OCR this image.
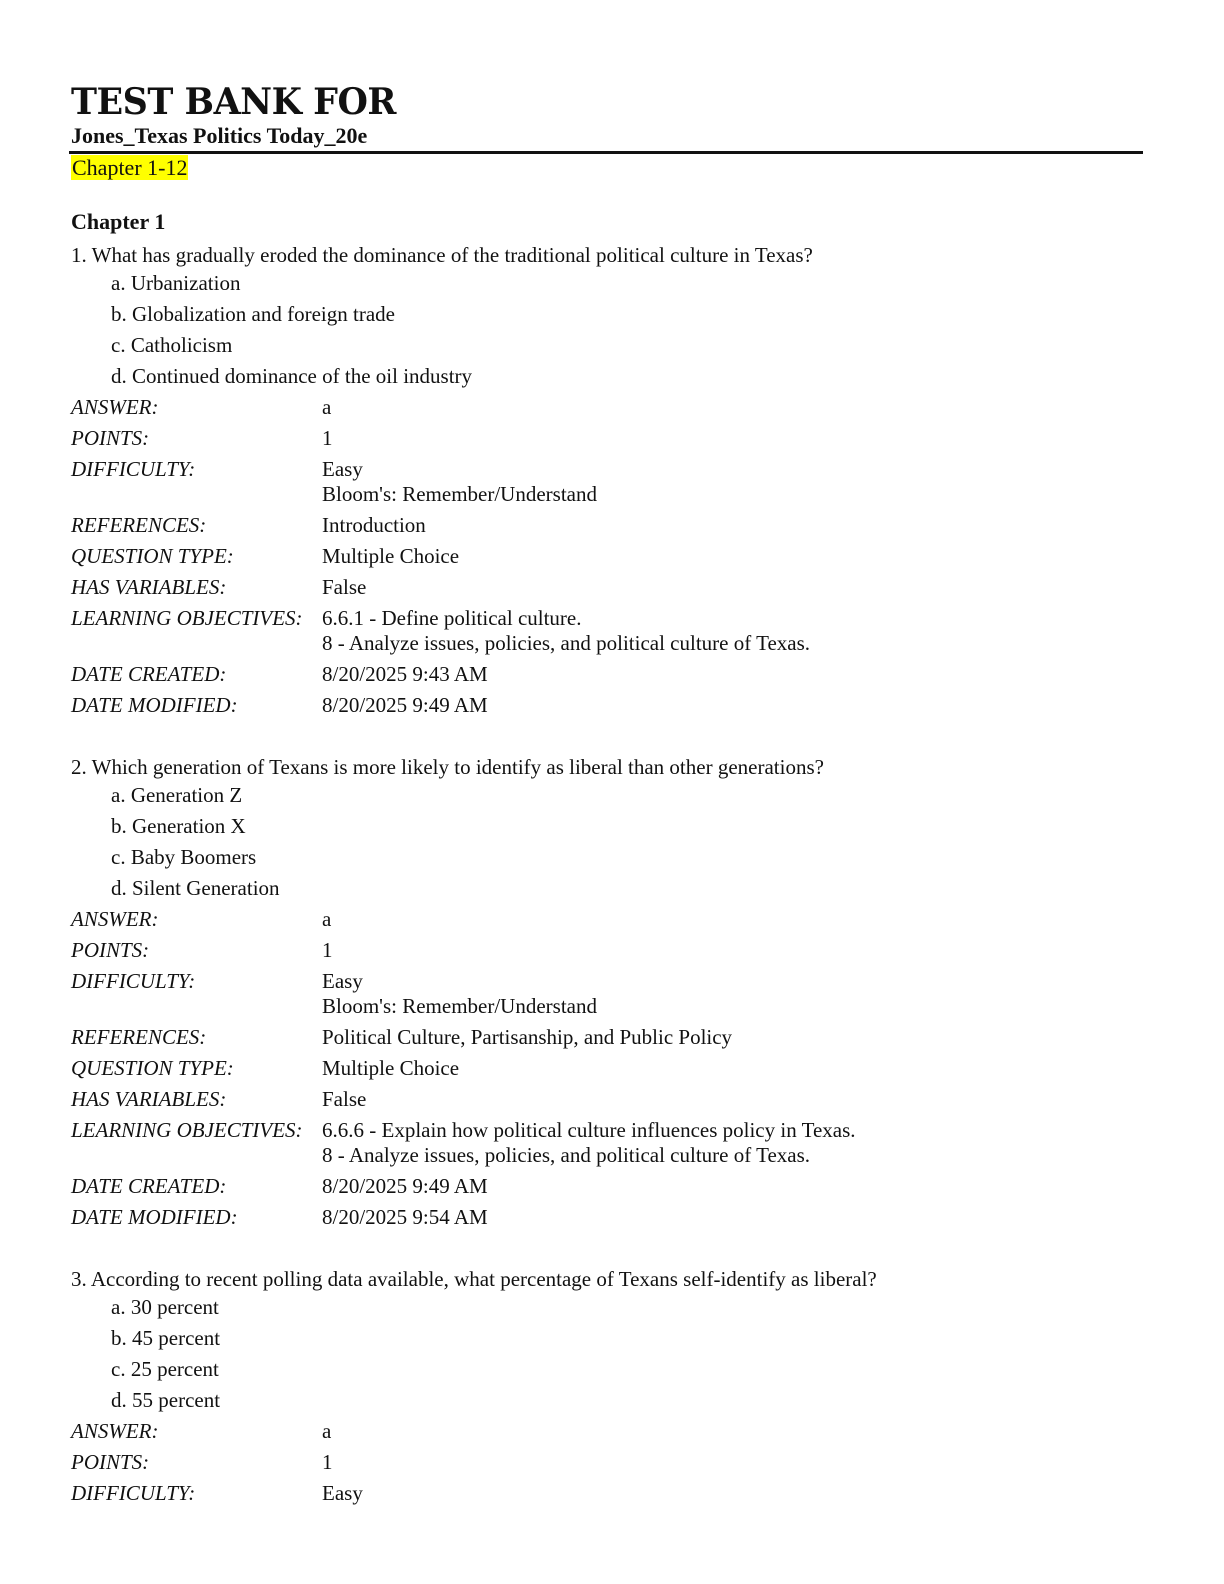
TEST BANK FOR
Jones_Texas Politics Today_20e
Chapter 1-12
Chapter 1
1. What has gradually eroded the dominance of the traditional political culture in Texas?
a. Urbanization
b. Globalization and foreign trade
c. Catholicism
d. Continued dominance of the oil industry
ANSWER:	a
POINTS:	1
DIFFICULTY:	Easy
Bloom's: Remember/Understand
REFERENCES:	Introduction
QUESTION TYPE:	Multiple Choice
HAS VARIABLES:	False
LEARNING OBJECTIVES: 6.6.1 - Define political culture.
8 - Analyze issues, policies, and political culture of Texas.
DATE CREATED:	8/20/2025 9:43 AM
DATE MODIFIED:	8/20/2025 9:49 AM
2. Which generation of Texans is more likely to identify as liberal than other generations?
a. Generation Z
b. Generation X
c. Baby Boomers
d. Silent Generation
ANSWER:	a
POINTS:	1
DIFFICULTY:	Easy
Bloom's: Remember/Understand
REFERENCES:	Political Culture, Partisanship, and Public Policy
QUESTION TYPE:	Multiple Choice
HAS VARIABLES:	False
LEARNING OBJECTIVES: 6.6.6 - Explain how political culture influences policy in Texas.
8 - Analyze issues, policies, and political culture of Texas.
DATE CREATED:	8/20/2025 9:49 AM
DATE MODIFIED:	8/20/2025 9:54 AM
3. According to recent polling data available, what percentage of Texans self-identify as liberal?
a. 30 percent
b. 45 percent
c. 25 percent
d. 55 percent
ANSWER:	a
POINTS:	1
DIFFICULTY:	Easy
